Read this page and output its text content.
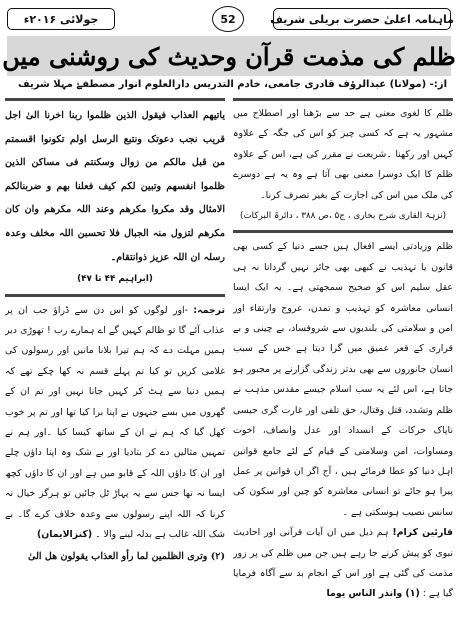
ماہنامہ اعلیٰ حضرت بریلی شریف
52
جولائی ۲۰۱۶ء
ظلم کی مذمت قرآن وحدیث کی روشنی میں
از:- (مولانا) عبدالرؤف قادری جامعی، خادم التدریس دارالعلوم انوار مصطفےٰ مہلا شریف

ظلم کا لغوی معنی ہے حد سے بڑھنا اور اصطلاح میں مشہور یہ ہے کہ کسی چیز کو اس کی جگہ کے علاوہ کہیں اور رکھنا ۔شریعت نے مقرر کی ہے، اس کے علاوہ ظلم کا ایک دوسرا معنی بھی آتا ہے وہ یہ ہے دوسرے کی ملک میں اس کی اجازت کے بغیر تصرف کرنا۔

(نزہۃ القاری شرح بخاری ، ج۵ ،ص ۳۸۸ ، دائرۃ البرکات)

ظلم وزیادتی ایسے افعال ہیں جسے دنیا کے کسی بھی قانون یا تہذیب نے کبھی بھی جائز نہیں گردانا نہ ہی عقل سلیم اس کو صحیح سمجھتی ہے۔ یہ ایک ایسا انسانی معاشرہ کو تہذیب و تمدن، عروج وارتقاء اور امن و سلامتی کی بلندیوں سے شروفساد، بے چینی و بے قراری کے قعر عمیق میں گرا دیتا ہے جس کے سبب انسان جانوروں سے بھی بدتر زندگی گزارنے پر مجبور ہو جاتا ہے، اس لئے یہ سب اسلام جیسے مقدس مذہب نے ظلم وتشدد، قتل وقتال، حق تلفی اور غارت گری جیسی ناپاک حرکات کے انسداد اور عدل وانصاف، اخوت ومساوات، امن وسلامتی کے قیام کے لئے جامع قوانین اہل دنیا کو عطا فرمائے ہیں ، آج اگر ان قوانین پر عمل پیرا ہو جائے تو انسانی معاشرہ کو چین اور سکون کی سانس نصیب ہوسکتی ہے ۔

قارئین کرام! ہم ذیل میں ان آیات قرآنی اور احادیث نبوی کو پیش کرنے جا رہے ہیں جن میں ظلم کی پر زور مذمت کی گئی ہے اور اس کے انجام بد سے آگاہ فرمایا گیا ہے : (۱) وانذر الناس یوما

یاتیھم العذاب فیقول الذین ظلموا ربنا اخرنا الیٰ اجل قریب نجب دعوتک ونتبع الرسل اولم تکونوا اقسمتم من قبل مالکم من زوال وسکنتم فی مساکن الذین ظلموا انفسھم وتبین لکم کیف فعلنا بھم و ضربنالکم الامثال وقد مکروا مکرھم وعند اللہ مکرھم وان کان مکرھم لتزول منہ الجبال فلا تحسبن اللہ مخلف وعدہ رسلہ ان اللہ عزیز ذوانتقام۔

(ابراہیم ۴۴ تا ۴۷)

ترجمہ: -اور لوگوں کو اس دن سے ڈراؤ جب ان پر عذاب آئے گا تو ظالم کہیں گے اے ہمارے رب ! تھوڑی دیر ہمیں مہلت دے کہ ہم تیرا بلانا مانیں اور رسولوں کی غلامی کریں تو کیا تم پہلے قسم نہ کھا چکے تھے کہ ہمیں دنیا سے ہٹ کر کہیں جانا نہیں اور تم ان کے گھروں میں بسے جنہوں نے اپنا برا کیا تھا اور تم پر خوب کھل گیا کہ ہم نے ان کے ساتھ کیسا کیا ۔اور ہم نے تمہیں مثالیں دے کر بتادیا اور بے شک وہ اپنا داؤں چلے اور ان کا داؤں اللہ کے قابو میں ہے اور ان کا داؤں کچھ ایسا نہ تھا جس سے یہ پہاڑ ٹل جائیں تو ہرگز خیال نہ کرنا کہ اللہ اپنے رسولوں سے وعدہ خلاف کرے گا۔ بے شک اللہ غالب ہے بدلہ لینے والا ۔ (کنزالایمان)

(۲) وتری الظلمین لما رأو العذاب یقولون ھل الیٰ
